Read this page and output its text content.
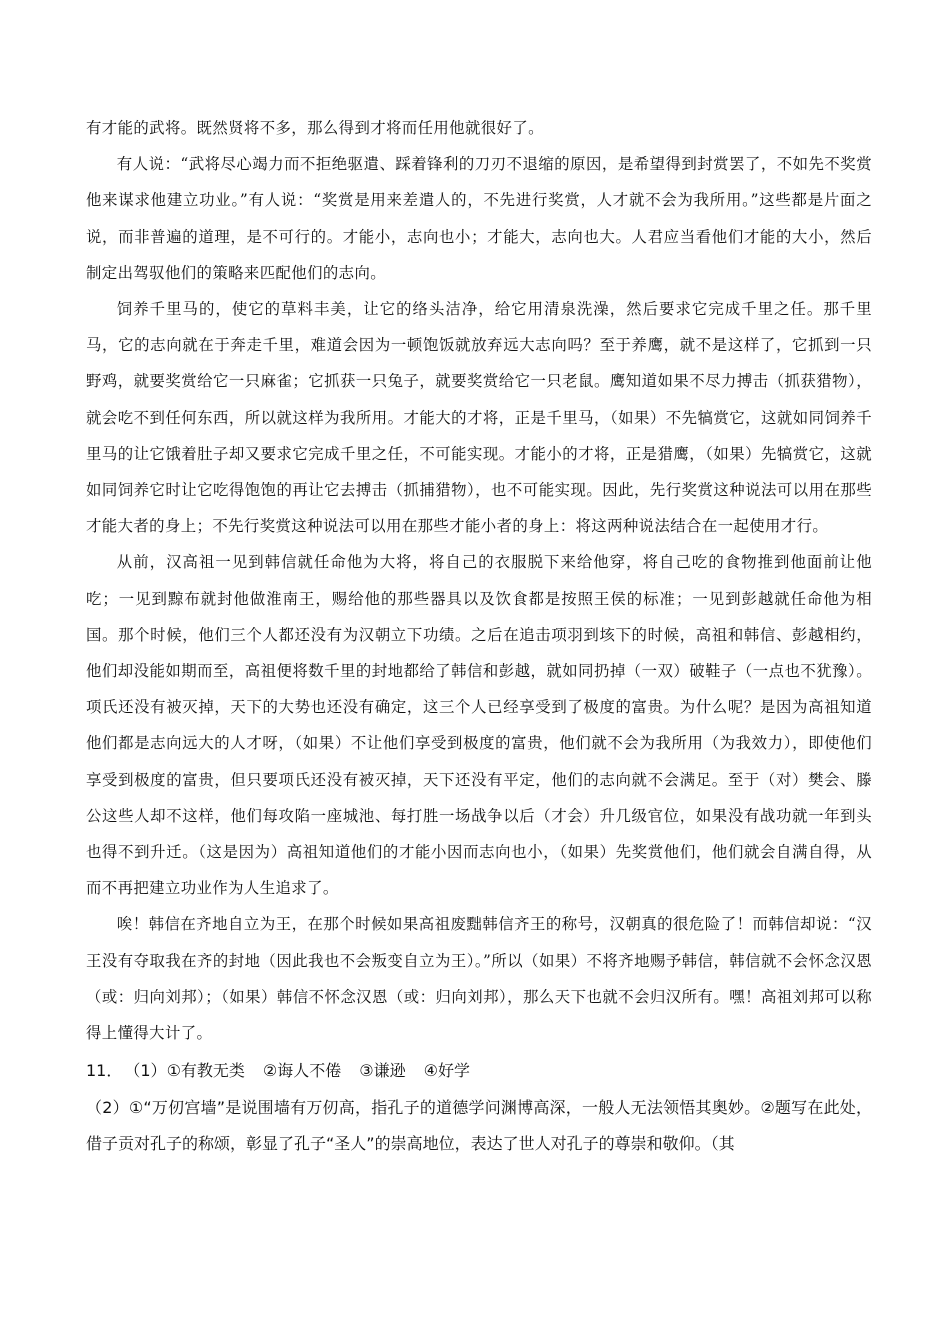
有才能的武将。既然贤将不多，那么得到才将而任用他就很好了。

有人说：“武将尽心竭力而不拒绝驱遣、踩着锋利的刀刃不退缩的原因，是希望得到封赏罢了，不如先不奖赏他来谋求他建立功业。”有人说：“奖赏是用来差遣人的，不先进行奖赏，人才就不会为我所用。”这些都是片面之说，而非普遍的道理，是不可行的。才能小，志向也小；才能大，志向也大。人君应当看他们才能的大小，然后制定出驾驭他们的策略来匹配他们的志向。

饲养千里马的，使它的草料丰美，让它的络头洁净，给它用清泉洗澡，然后要求它完成千里之任。那千里马，它的志向就在于奔走千里，难道会因为一顿饱饭就放弃远大志向吗？至于养鹰，就不是这样了，它抓到一只野鸡，就要奖赏给它一只麻雀；它抓获一只兔子，就要奖赏给它一只老鼠。鹰知道如果不尽力搏击（抓获猎物），就会吃不到任何东西，所以就这样为我所用。才能大的才将，正是千里马，（如果）不先犒赏它，这就如同饲养千里马的让它饿着肚子却又要求它完成千里之任，不可能实现。才能小的才将，正是猎鹰，（如果）先犒赏它，这就如同饲养它时让它吃得饱饱的再让它去搏击（抓捕猎物），也不可能实现。因此，先行奖赏这种说法可以用在那些才能大者的身上；不先行奖赏这种说法可以用在那些才能小者的身上：将这两种说法结合在一起使用才行。

从前，汉高祖一见到韩信就任命他为大将，将自己的衣服脱下来给他穿，将自己吃的食物推到他面前让他吃；一见到黥布就封他做淮南王，赐给他的那些器具以及饮食都是按照王侯的标准；一见到彭越就任命他为相国。那个时候，他们三个人都还没有为汉朝立下功绩。之后在追击项羽到垓下的时候，高祖和韩信、彭越相约，他们却没能如期而至，高祖便将数千里的封地都给了韩信和彭越，就如同扔掉（一双）破鞋子（一点也不犹豫）。项氏还没有被灭掉，天下的大势也还没有确定，这三个人已经享受到了极度的富贵。为什么呢？是因为高祖知道他们都是志向远大的人才呀，（如果）不让他们享受到极度的富贵，他们就不会为我所用（为我效力），即使他们享受到极度的富贵，但只要项氏还没有被灭掉，天下还没有平定，他们的志向就不会满足。至于（对）樊会、滕公这些人却不这样，他们每攻陷一座城池、每打胜一场战争以后（才会）升几级官位，如果没有战功就一年到头也得不到升迁。（这是因为）高祖知道他们的才能小因而志向也小，（如果）先奖赏他们，他们就会自满自得，从而不再把建立功业作为人生追求了。

唉！韩信在齐地自立为王，在那个时候如果高祖废黜韩信齐王的称号，汉朝真的很危险了！而韩信却说：“汉王没有夺取我在齐的封地（因此我也不会叛变自立为王）。”所以（如果）不将齐地赐予韩信，韩信就不会怀念汉恩（或：归向刘邦）；（如果）韩信不怀念汉恩（或：归向刘邦），那么天下也就不会归汉所有。嘿！高祖刘邦可以称得上懂得大计了。

11． （1）①有教无类 ②诲人不倦 ③谦逊 ④好学

（2）①“万仞宫墙”是说围墙有万仞高，指孔子的道德学问渊博高深，一般人无法领悟其奥妙。②题写在此处，借子贡对孔子的称颂，彰显了孔子“圣人”的崇高地位，表达了世人对孔子的尊崇和敬仰。（其
